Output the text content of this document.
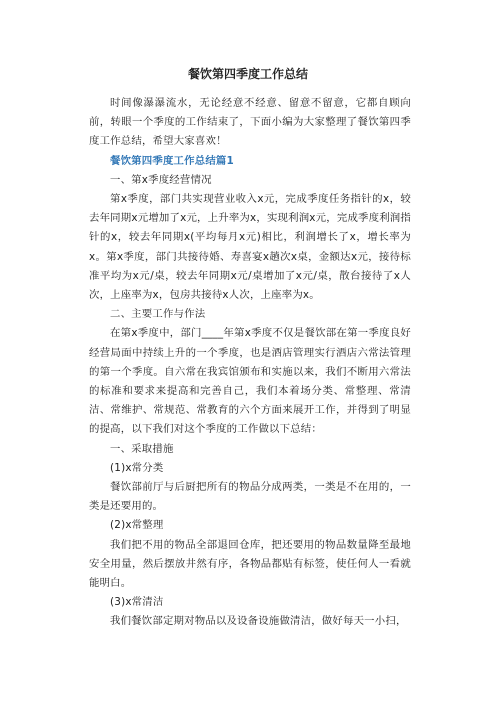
餐饮第四季度工作总结

时间像瀑瀑流水，无论经意不经意、留意不留意，它都自顾向前，转眼一个季度的工作结束了，下面小编为大家整理了餐饮第四季度工作总结，希望大家喜欢！

餐饮第四季度工作总结篇1

一、第x季度经营情况

第x季度，部门共实现营业收入x元，完成季度任务指针的x，较去年同期x元增加了x元，上升率为x，实现利润x元，完成季度利润指针的x，较去年同期x(平均每月x元)相比，利润增长了x，增长率为x。第x季度，部门共接待婚、寿喜宴x趟次x桌，金额达x元，接待标准平均为x元/桌，较去年同期x元/桌增加了x元/桌，散台接待了x人次，上座率为x，包房共接待x人次，上座率为x。

二、主要工作与作法

在第x季度中，部门____年第x季度不仅是餐饮部在第一季度良好经营局面中持续上升的一个季度，也是酒店管理实行酒店六常法管理的第一个季度。自六常在我宾馆颁布和实施以来，我们不断用六常法的标准和要求来提高和完善自己，我们本着场分类、常整理、常清洁、常维护、常规范、常教育的六个方面来展开工作，并得到了明显的提高，以下我们对这个季度的工作做以下总结：

一、采取措施

(1)x常分类

餐饮部前厅与后厨把所有的物品分成两类，一类是不在用的，一类是还要用的。

(2)x常整理

我们把不用的物品全部退回仓库，把还要用的物品数量降至最地安全用量，然后摆放井然有序，各物品都贴有标签，使任何人一看就能明白。

(3)x常清洁

我们餐饮部定期对物品以及设备设施做清洁，做好每天一小扫，
